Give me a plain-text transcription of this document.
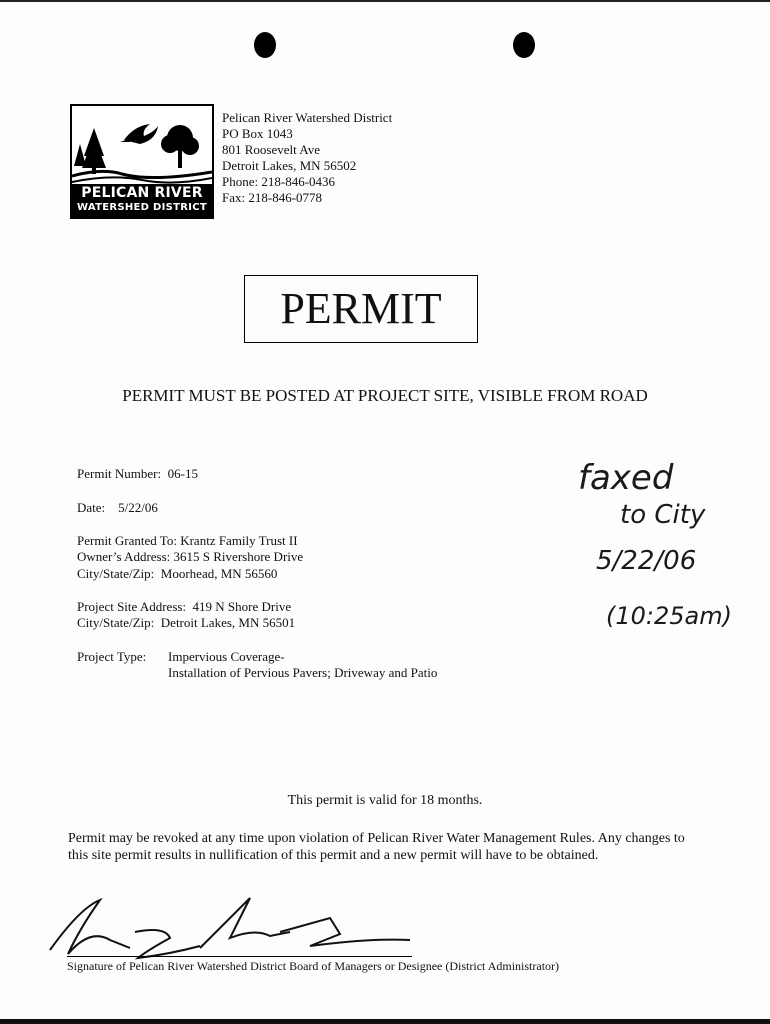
PELICAN RIVER
WATERSHED DISTRICT
Pelican River Watershed District
PO Box 1043
801 Roosevelt Ave
Detroit Lakes, MN 56502
Phone: 218-846-0436
Fax: 218-846-0778
PERMIT
PERMIT MUST BE POSTED AT PROJECT SITE, VISIBLE FROM ROAD
Permit Number: 06-15
Date: 5/22/06
Permit Granted To: Krantz Family Trust II
Owner’s Address: 3615 S Rivershore Drive
City/State/Zip: Moorhead, MN 56560
Project Site Address: 419 N Shore Drive
City/State/Zip: Detroit Lakes, MN 56501
Project Type: Impervious Coverage-
Installation of Pervious Pavers; Driveway and Patio
faxed
to City
5/22/06
(10:25am)
This permit is valid for 18 months.
Permit may be revoked at any time upon violation of Pelican River Water Management Rules. Any changes to this site permit results in nullification of this permit and a new permit will have to be obtained.
Signature of Pelican River Watershed District Board of Managers or Designee (District Administrator)
